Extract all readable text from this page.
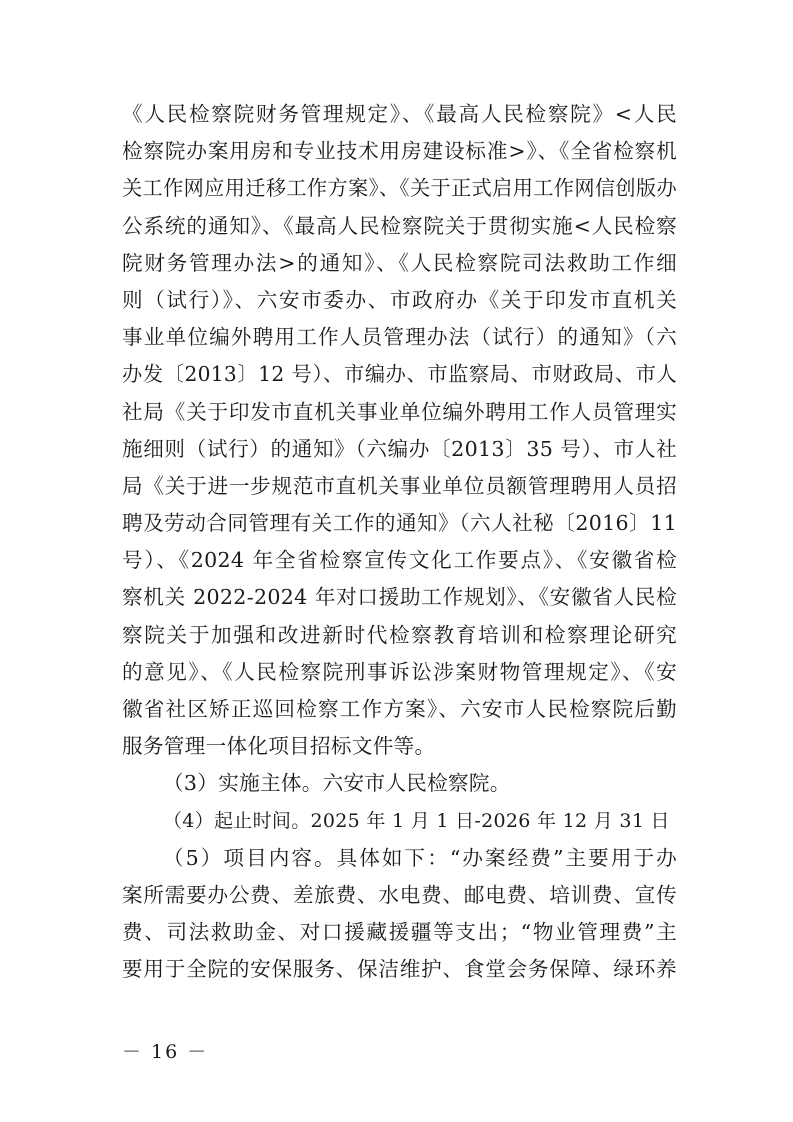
《人民检察院财务管理规定》、《最高人民检察院》<人民
检察院办案用房和专业技术用房建设标准>》、《全省检察机
关工作网应用迁移工作方案》、《关于正式启用工作网信创版办
公系统的通知》、《最高人民检察院关于贯彻实施<人民检察
院财务管理办法>的通知》、《人民检察院司法救助工作细
则（试行）》、六安市委办、市政府办《关于印发市直机关
事业单位编外聘用工作人员管理办法（试行）的通知》（六
办发〔2013〕12 号）、市编办、市监察局、市财政局、市人
社局《关于印发市直机关事业单位编外聘用工作人员管理实
施细则（试行）的通知》（六编办〔2013〕35 号）、市人社
局《关于进一步规范市直机关事业单位员额管理聘用人员招
聘及劳动合同管理有关工作的通知》（六人社秘〔2016〕11
号）、《2024 年全省检察宣传文化工作要点》、《安徽省检
察机关 2022-2024 年对口援助工作规划》、《安徽省人民检
察院关于加强和改进新时代检察教育培训和检察理论研究
的意见》、《人民检察院刑事诉讼涉案财物管理规定》、《安
徽省社区矫正巡回检察工作方案》、六安市人民检察院后勤
服务管理一体化项目招标文件等。
（3）实施主体。六安市人民检察院。
（4）起止时间。2025 年 1 月 1 日-2026 年 12 月 31 日
（5）项目内容。具体如下：“办案经费”主要用于办
案所需要办公费、差旅费、水电费、邮电费、培训费、宣传
费、司法救助金、对口援藏援疆等支出；“物业管理费”主
要用于全院的安保服务、保洁维护、食堂会务保障、绿环养
－ 16 －
